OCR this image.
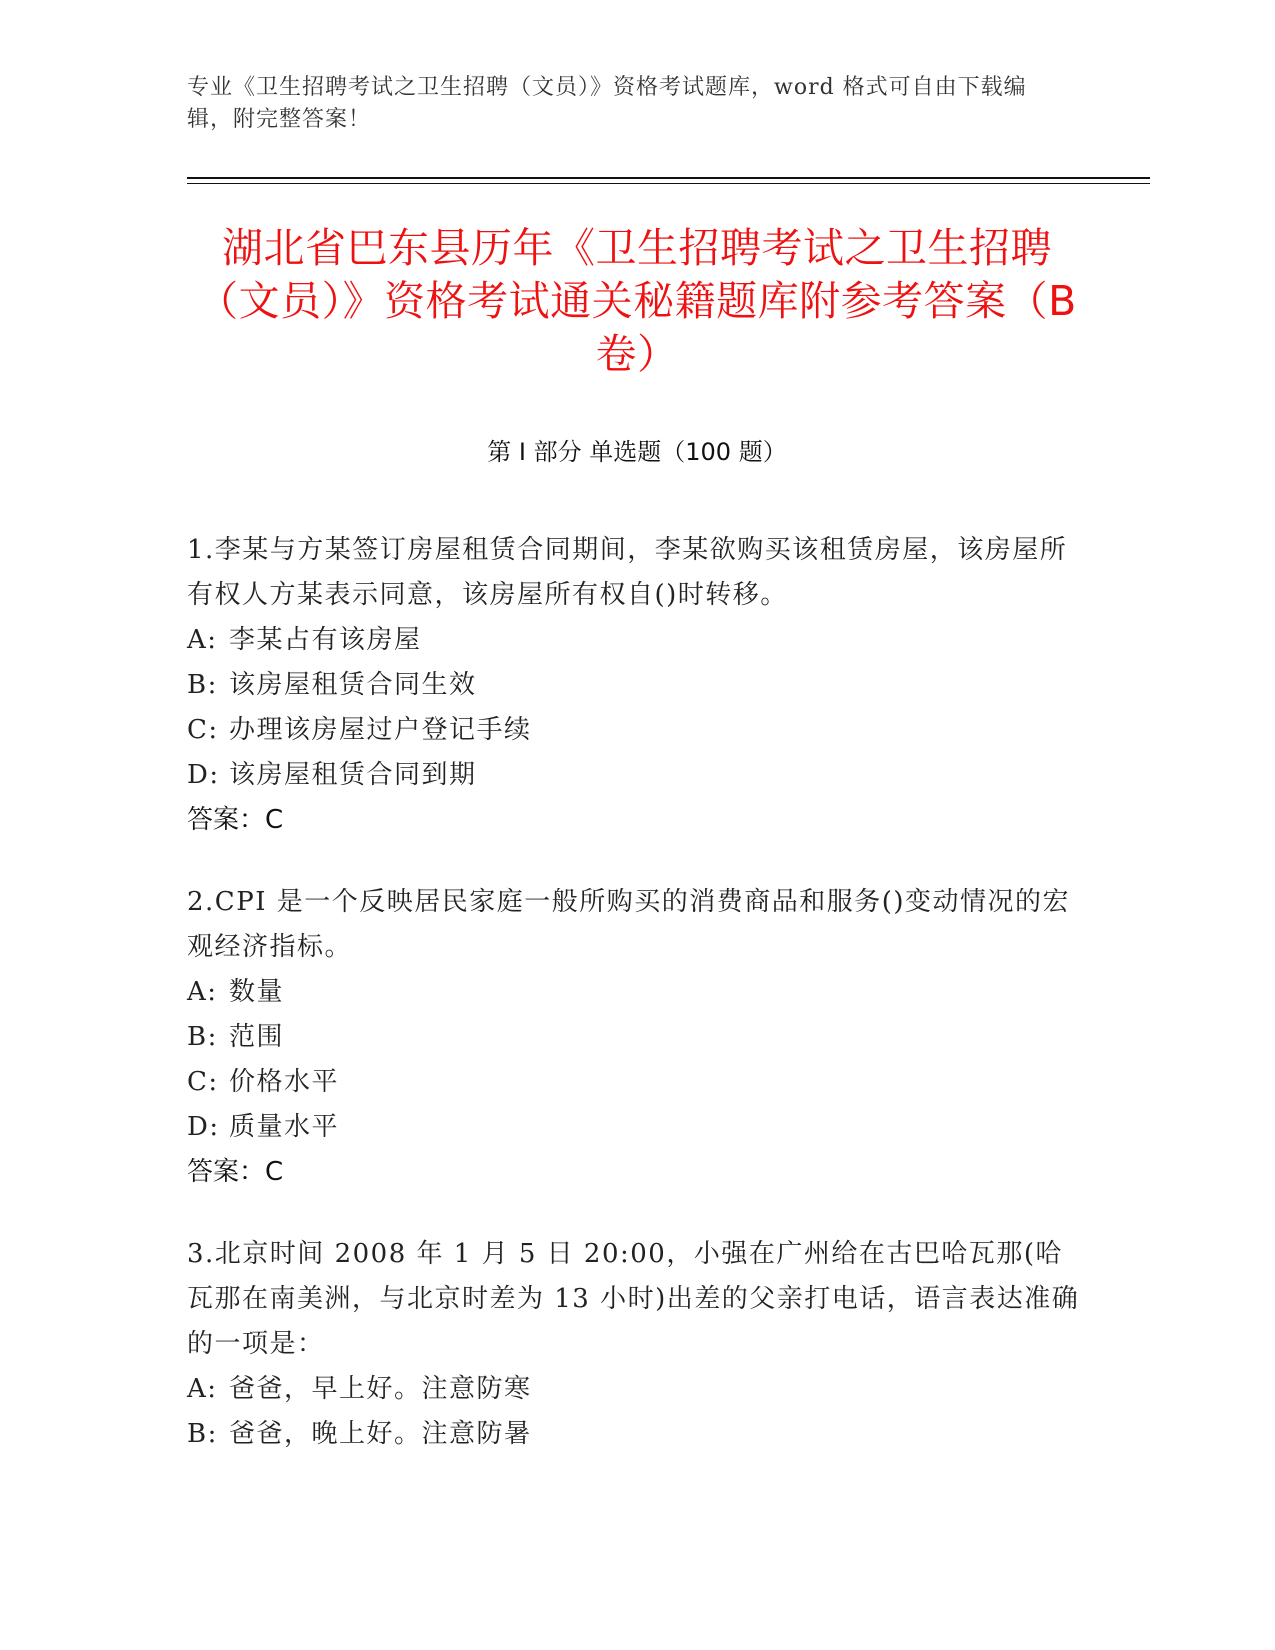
专业《卫生招聘考试之卫生招聘（文员）》资格考试题库，word 格式可自由下载编辑，附完整答案！
湖北省巴东县历年《卫生招聘考试之卫生招聘（文员）》资格考试通关秘籍题库附参考答案（B 卷）
第 I 部分 单选题（100 题）
1.李某与方某签订房屋租赁合同期间，李某欲购买该租赁房屋，该房屋所有权人方某表示同意，该房屋所有权自()时转移。
A: 李某占有该房屋
B: 该房屋租赁合同生效
C: 办理该房屋过户登记手续
D: 该房屋租赁合同到期
答案：C
2.CPI 是一个反映居民家庭一般所购买的消费商品和服务()变动情况的宏观经济指标。
A: 数量
B: 范围
C: 价格水平
D: 质量水平
答案：C
3.北京时间 2008 年 1 月 5 日 20:00，小强在广州给在古巴哈瓦那(哈瓦那在南美洲，与北京时差为 13 小时)出差的父亲打电话，语言表达准确的一项是：
A: 爸爸，早上好。注意防寒
B: 爸爸，晚上好。注意防暑
